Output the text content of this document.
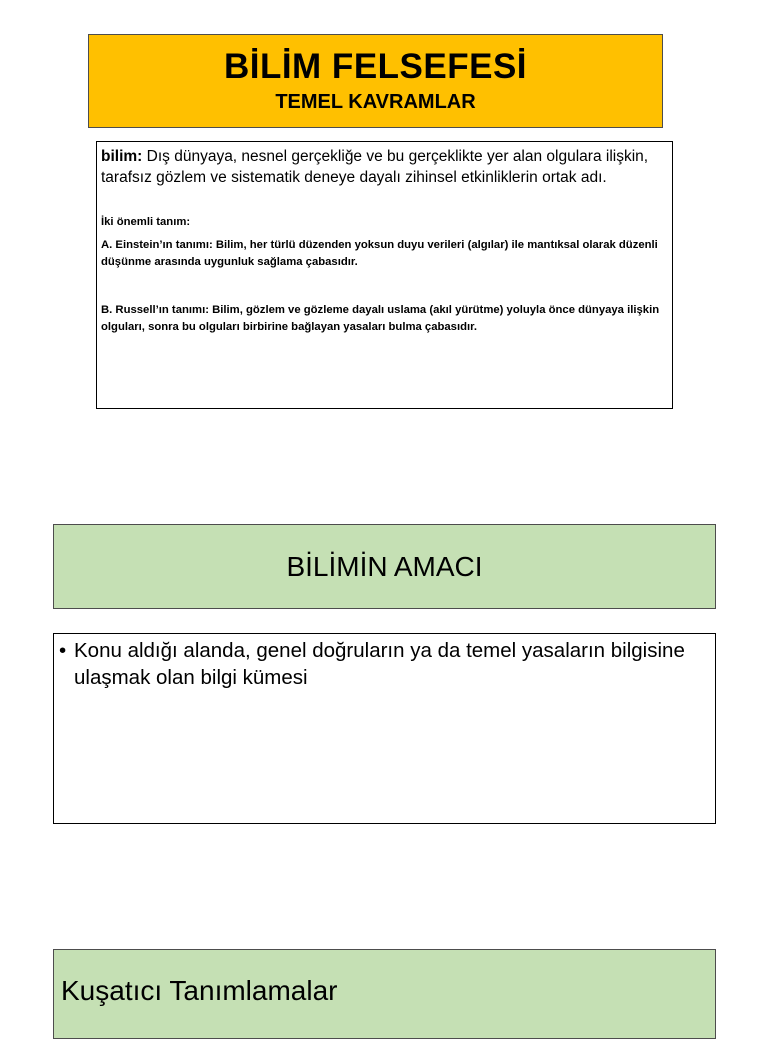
BİLİM FELSEFESİ
TEMEL KAVRAMLAR

bilim: Dış dünyaya, nesnel gerçekliğe ve bu gerçeklikte yer alan olgulara ilişkin, tarafsız gözlem ve sistematik deneye dayalı zihinsel etkinliklerin ortak adı.

İki önemli tanım:

A. Einstein’ın tanımı: Bilim, her türlü düzenden yoksun duyu verileri (algılar) ile mantıksal olarak düzenli düşünme arasında uygunluk sağlama çabasıdır.

B. Russell’ın tanımı: Bilim, gözlem ve gözleme dayalı uslama (akıl yürütme) yoluyla önce dünyaya ilişkin olguları, sonra bu olguları birbirine bağlayan yasaları bulma çabasıdır.

BİLİMİN AMACI
• Konu aldığı alanda, genel doğruların ya da temel yasaların bilgisine ulaşmak olan bilgi kümesi
Kuşatıcı Tanımlamalar
